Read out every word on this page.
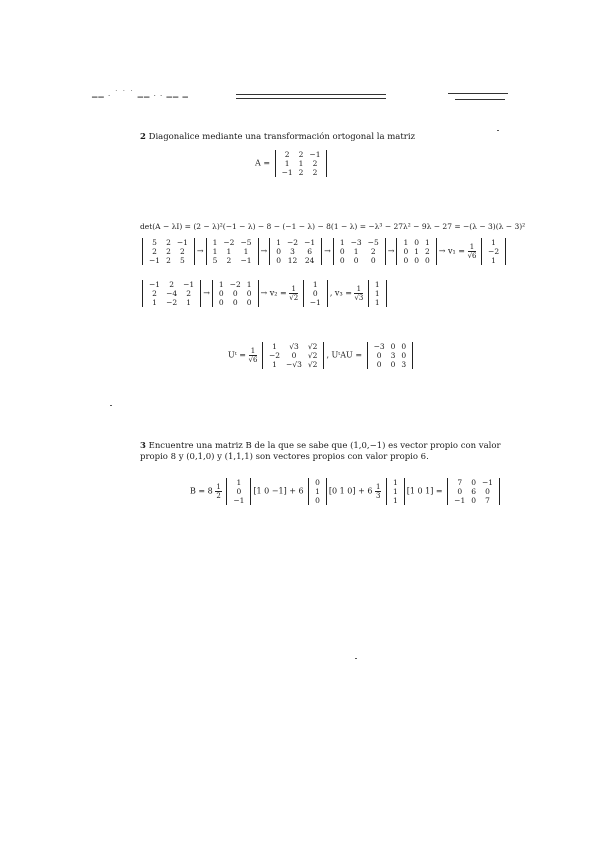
▁▁ . ˙ ˙ ˙ ▁▁ . . ▁▁ ▁
2 Diagonalice mediante una transformación ortogonal la matriz
A =
2	2	−1
1	1	2
−1	2	2
det(A − λI) = (2 − λ)²(−1 − λ) − 8 − (−1 − λ) − 8(1 − λ) = −λ³ − 27λ² − 9λ − 27 = −(λ − 3)(λ − 3)²
5	2	−1
2	2	2
−1	2	5
→
1	−2	−5
1	1	1
5	2	−1
→
1	−2	−1
0	3	6
0	12	24
→
1	−3	−5
0	1	2
0	0	0
→
1	0	1
0	1	2
0	0	0
→ $v_1 = \frac{1}{√6}$
1
−2
1
−1	2	−1
2	−4	2
1	−2	1
→
1	−2	1
0	0	0
0	0	0
→ $v_2 = \frac{1}{√2}$
1
0
−1
, $v_3 = \frac{1}{√3}$
1
1
1
Uᵗ = $\frac{1}{√6}$
1	√3	√2
−2	0	√2
1	−√3	√2
, UᵗAU =
−3	0	0
0	3	0
0	0	3
3 Encuentre una matriz B de la que se sabe que (1,0,−1) es vector propio con valor propio 8 y (0,1,0) y (1,1,1) son vectores propios con valor propio 6.
$B = 8 \frac{1}{2}$
1
0
−1
[1 0 −1] + 6
0
1
0
[0 1 $0] + 6 \frac{1}{3}$
1
1
1
[1 0 1] =
7	0	−1
0	6	0
−1	0	7
